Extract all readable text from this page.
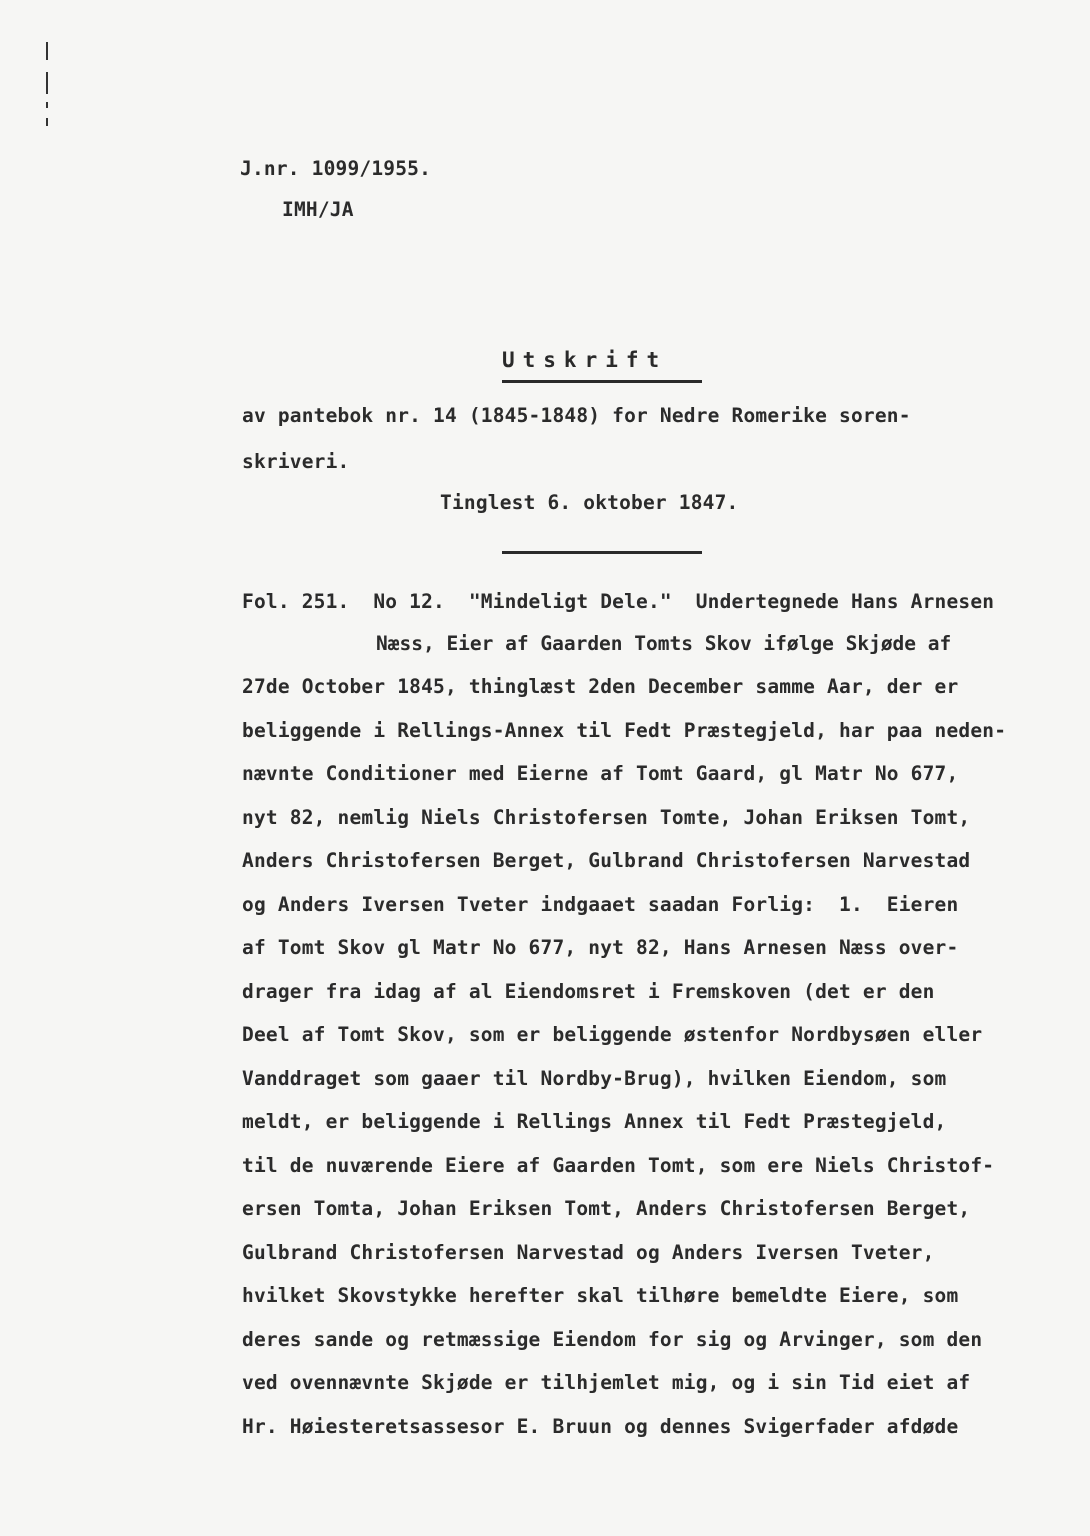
J.nr. 1099/1955.
IMH/JA
Utskrift
av pantebok nr. 14 (1845-1848) for Nedre Romerike soren-
skriveri.
Tinglest 6. oktober 1847.
Fol. 251.  No 12.  "Mindeligt Dele."  Undertegnede Hans Arnesen
Næss, Eier af Gaarden Tomts Skov ifølge Skjøde af
27de October 1845, thinglæst 2den December samme Aar, der er
beliggende i Rellings-Annex til Fedt Præstegjeld, har paa neden-
nævnte Conditioner med Eierne af Tomt Gaard, gl Matr No 677,
nyt 82, nemlig Niels Christofersen Tomte, Johan Eriksen Tomt,
Anders Christofersen Berget, Gulbrand Christofersen Narvestad
og Anders Iversen Tveter indgaaet saadan Forlig:  1.  Eieren
af Tomt Skov gl Matr No 677, nyt 82, Hans Arnesen Næss over-
drager fra idag af al Eiendomsret i Fremskoven (det er den
Deel af Tomt Skov, som er beliggende østenfor Nordbysøen eller
Vanddraget som gaaer til Nordby-Brug), hvilken Eiendom, som
meldt, er beliggende i Rellings Annex til Fedt Præstegjeld,
til de nuværende Eiere af Gaarden Tomt, som ere Niels Christof-
ersen Tomta, Johan Eriksen Tomt, Anders Christofersen Berget,
Gulbrand Christofersen Narvestad og Anders Iversen Tveter,
hvilket Skovstykke herefter skal tilhøre bemeldte Eiere, som
deres sande og retmæssige Eiendom for sig og Arvinger, som den
ved ovennævnte Skjøde er tilhjemlet mig, og i sin Tid eiet af
Hr. Høiesteretsassesor E. Bruun og dennes Svigerfader afdøde
